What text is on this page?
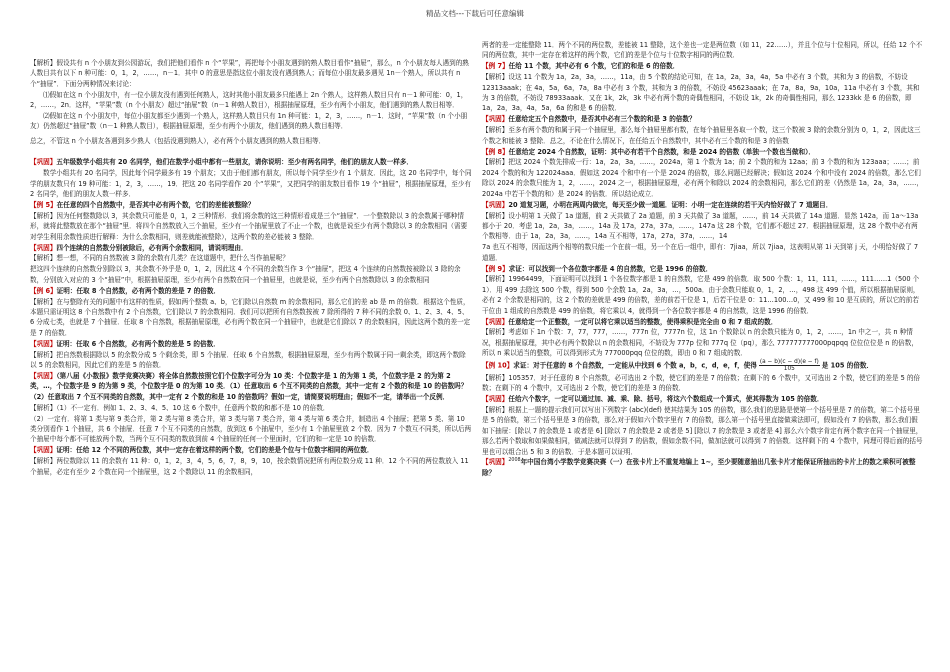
精品文档---下载后可任意编辑

【解析】假设共有 n 个小朋友到公园游玩，我们把他们看作 n 个“苹果”，再把每个小朋友遇到的熟人数目看作“抽屉”，那么，n 个小朋友每人遇到的熟人数目共有以下 n 种可能：0，1，2，……，n－1．其中 0 的意思是指这位小朋友没有遇到熟人；而每位小朋友最多遇见 1n－个熟人，所以共有 n 个“抽屉”．下面分两种情况来讨论：

⑴假如在这 n 个小朋友中，有一位小朋友没有遇到任何熟人，这时其他小朋友最多只能遇上 2n 个熟人，这样熟人数目只有 n－1 种可能：0，1，2，……，2n．这样，“苹果”数（n 个小朋友）超过“抽屉”数（n－1 种熟人数目），根据抽屉原理，至少有两个小朋友，他们遇到的熟人数目相等．

⑵假如在这 n 个小朋友中，每位小朋友都至少遇到一个熟人，这样熟人数目只有 1n 种可能：1，2，3，……，n－1．这时，“苹果”数（n 个小朋友）仍然超过“抽屉”数（n－1 种熟人数目），根据抽屉原理，至少有两个小朋友，他们遇到的熟人数目相等．

总之，不管这 n 个小朋友各遇到多少熟人（包括没遇到熟人），必有两个小朋友遇到的熟人数目相等．

【巩固】五年级数学小组共有 20 名同学，他们在数学小组中都有一些朋友，请你说明：至少有两名同学，他们的朋友人数一样多．

数学小组共有 20 名同学，因此每个同学最多有 19 个朋友；又由于他们都有朋友，所以每个同学至少有 1 个朋友．因此，这 20 名同学中，每个同学的朋友数只有 19 种可能：1，2，3，……，19．把这 20 名同学看作 20 个“苹果”，又把同学的朋友数目看作 19 个“抽屉”，根据抽屉原理，至少有 2 名同学，他们的朋友人数一样多．

【例 5】在任意的四个自然数中，是否其中必有两个数，它们的差能被整除？

【解析】因为任何整数除以 3，其余数只可能是 0，1，2 三种情形．我们将余数的这三种情形看成是三个“抽屉”．一个整数除以 3 的余数属于哪种情形，就将此整数放在那个“抽屉”里．将四个自然数放入三个抽屉，至少有一个抽屉里放了不止一个数，也就是说至少有两个数除以 3 的余数相同（需要对学生利用余数性质进行解释：为什么余数相同，则差就能被整除），这两个数的差必能被 3 整除．

【巩固】四个连续的自然数分别被除后，必有两个余数相同，请说明理由．

【解析】想一想，不同的自然数被 3 除的余数有几类？在这道题中，把什么当作抽屉呢？

把这四个连续的自然数分别除以 3，其余数不外乎是 0，1，2，因此这 4 个不同的余数当作 3 个“抽屉”，把这 4 个连续的自然数按被除以 3 除的余数，分别放入对应的 3 个“抽屉”中，根据抽屉原理，至少有两个自然数在同一个抽屉里，也就是说，至少有两个自然数除以 3 的余数相同

【例 6】证明：任取 8 个自然数，必有两个数的差是 7 的倍数．

【解析】在与整除有关的问题中有这样的性质，假如两个整数 a、b，它们除以自然数 m 的余数相同，那么它们的差 ab 是 m 的倍数．根据这个性质，本题只需证明这 8 个自然数中有 2 个自然数，它们除以 7 的余数相同．我们可以把所有自然数按被 7 除所得的 7 种不同的余数 0、1、2、3、4、5、6 分成七类，也就是 7 个抽屉．任取 8 个自然数，根据抽屉原理，必有两个数在同一个抽屉中，也就是它们除以 7 的余数相同，因此这两个数的差一定是 7 的倍数．

【巩固】证明：任取 6 个自然数，必有两个数的差是 5 的倍数．

【解析】把自然数根据除以 5 的余数分成 5 个剩余类，即 5 个抽屉．任取 6 个自然数，根据抽屉原理，至少有两个数属于同一剩余类，即这两个数除以 5 的余数相同，因此它们的差是 5 的倍数．

【巩固】（第八届《小数报》数学竞赛决赛）将全体自然数按照它们个位数字可分为 10 类：个位数字是 1 的为第 1 类，个位数字是 2 的为第 2 类，…，个位数字是 9 的为第 9 类，个位数字是 0 的为第 10 类．（1）任意取出 6 个互不同类的自然数，其中一定有 2 个数的和是 10 的倍数吗？（2）任意取出 7 个互不同类的自然数，其中一定有 2 个数的和是 10 的倍数吗？假如一定，请简要说明理由；假如不一定，请举出一个反例．

【解析】（1）不一定有．例如 1、2、3、4、5、10 这 6 个数中，任意两个数的和都不是 10 的倍数．

（2）一定有．将第 1 类与第 9 类合并，第 2 类与第 8 类合并，第 3 类与第 7 类合并，第 4 类与第 6 类合并，制造出 4 个抽屉；把第 5 类、第 10 类分别看作 1 个抽屉，共 6 个抽屉．任意 7 个互不同类的自然数，放到这 6 个抽屉中，至少有 1 个抽屉里放 2 个数．因为 7 个数互不同类，所以后两个抽屉中每个都不可能放两个数，当两个互不同类的数放到前 4 个抽屉的任何一个里面时，它们的和一定是 10 的倍数．

【巩固】证明：任给 12 个不同的两位数，其中一定存在着这样的两个数，它们的差是个位与十位数字相同的两位数．

【解析】两位数除以 11 的余数有 11 种：0，1，2，3，4，5，6，7，8，9，10，按余数情况把所有两位数分成 11 种．12 个不同的两位数放入 11 个抽屉，必定有至少 2 个数在同一个抽屉里，这 2 个数除以 11 的余数相同，

两者的差一定能整除 11．两个不同的两位数，差能被 11 整除，这个差也一定是两位数（如 11，22……），并且个位与十位相同，所以，任给 12 个不同的两位数，其中一定存在着这样的两个数，它们的差是个位与十位数字相同的两位数．

【例 7】任给 11 个数，其中必有 6 个数，它们的和是 6 的倍数．

【解析】设这 11 个数为 1a，2a，3a，……，11a，由 5 个数的结论可知，在 1a，2a，3a，4a，5a 中必有 3 个数，其和为 3 的倍数，不妨设 12313aaak；在 4a，5a，6a，7a，8a 中必有 3 个数，其和为 3 的倍数，不妨设 45623aaak；在 7a，8a，9a，10a，11a 中必有 3 个数，其和为 3 的倍数，不妨设 78933aaak．又在 1k，2k，3k 中必有两个数的奇偶性相同，不妨设 1k，2k 的奇偶性相同，那么 1233kk 是 6 的倍数，即 1a，2a，3a，4a，5a，6a 的和是 6 的倍数．

【巩固】任意给定五个自然数中，是否其中必有三个数的和是 3 的倍数？

【解析】至多有两个数的和属于同一个抽屉里，那么每个抽屉里都有数，在每个抽屉里各取一个数，这三个数被 3 除的余数分别为 0，1，2，因此这三个数之和能被 3 整除．总之，不论在什么情况下，在任给五个自然数中，其中必有三个数的和是 3 的倍数

【例 8】任意给定 2024 个自然数，证明：其中必有若干个自然数，和是 2024 的倍数（单独一个数也当做和）．

【解析】把这 2024 个数先排成一行：1a，2a，3a，……，2024a，第 1 个数为 1a；前 2 个数的和为 12aa；前 3 个数的和为 123aaa；……；前 2024 个数的和为 122024aaa．假如这 2024 个和中有一个是 2024 的倍数，那么问题已经解决；假如这 2024 个和中没有 2024 的倍数，那么它们除以 2024 的余数只能为 1，2，……，2024 之一，根据抽屉原理，必有两个和除以 2024 的余数相同，那么它们的差（仍然是 1a，2a，3a，……，2024a 中若干个数的和）是 2024 的倍数．所以结论成立．

【巩固】20 道复习题，小明在两周内做完，每天至少做一道题．证明：小明一定在连续的若干天内恰好做了 7 道题目．

【解析】设小明第 1 天做了 1a 道题，前 2 天共做了 2a 道题，前 3 天共做了 3a 道题，……，前 14 天共做了 14a 道题．显然 142a，而 1a～13a 都小于 20．考虑 1a，2a，3a，……，14a 及 17a，27a，37a，……，147a 这 28 个数，它们都不超过 27．根据抽屉原理，这 28 个数中必有两个数相等．由于 1a，2a，3a，……，14a 互不相等，17a，27a，37a，……，14

7a 也互不相等，因而这两个相等的数只能一个在前一组，另一个在后一组中，即有：7jiaa，所以 7jiaa，这表明从第 1i 天到第 j 天，小明恰好做了 7 道题．

【例 9】求证：可以找到一个各位数字都是 4 的自然数，它是 1996 的倍数．

【解析】19964499，下面证明可以找到 1 个各位数字都是 1 的自然数，它是 499 的倍数．取 500 个数：1，11，111，……，111……1（500 个 1）．用 499 去除这 500 个数，得到 500 个余数 1a，2a，3a，…，500a．由于余数只能取 0，1，2，…，498 这 499 个值，所以根据抽屉原则，必有 2 个余数是相同的，这 2 个数的差就是 499 的倍数，差的前若干位是 1，后若干位是 0：11…100…0，又 499 和 10 是互质的，所以它的前若干位由 1 组成的自然数是 499 的倍数，将它乘以 4，就得到一个各位数字都是 4 的自然数，这是 1996 的倍数．

【巩固】任意给定一个正整数，一定可以将它乘以适当的整数，使得乘积是完全由 0 和 7 组成的数．

【解析】考虑如下 1n 个数：7，77，777，……，777n 位，7777n 位，这 1n 个数除以 n 的余数只能为 0，1，2，……，1n 中之一，共 n 种情况，根据抽屉原理，其中必有两个数除以 n 的余数相同，不妨设为 777p 位和 777q 位（pq），那么 777777777000pqpqq 位位位位是 n 的倍数，所以 n 乘以适当的整数，可以得到形式为 777000pqq 位位的数，即由 0 和 7 组成的数．

【例 10】求证：对于任意的 8 个自然数，一定能从中找到 6 个数 a，b，c，d，e，f，使得 $\frac{(a - b)(c - d)(e - f)}{105}$ 是 105 的倍数．

【解析】105357．对于任意的 8 个自然数，必可选出 2 个数，使它们的差是 7 的倍数；在剩下的 6 个数中，又可选出 2 个数，使它们的差是 5 的倍数；在剩下的 4 个数中，又可选出 2 个数，使它们的差是 3 的倍数．

【巩固】任给六个数字，一定可以通过加、减、乘、除、括号，将这六个数组成一个算式，使其得数为 105 的倍数．

【解析】根据上一题的提示我们可以写出下列数字 (abc)(def) 使其结果为 105 的倍数，那么我们的思路是使第一个括号里是 7 的倍数，第二个括号里是 5 的倍数，第三个括号里是 3 的倍数，那么对于假如六个数字里有 7 的倍数，那么第一个括号里直接做乘法即可，假如没有 7 的倍数，那么我们假如下抽屉：[除以 7 的余数是 1 或者是 6] [除以 7 的余数是 2 或者是 5] [除以 7 的余数是 3 或者是 4] 那么六个数字肯定有两个数字在同一个抽屉里，那么若两个数取和如果做相同，做减法就可以得到 7 的倍数，假如余数不同，做加法就可以得到 7 的倍数．这样剩下的 4 个数中，同理可得后面的括号里也可以组合出 5 和 3 的倍数．于是本题可以证明．

【巩固】$^{2008}$年中国台湾小学数学竞赛决赛（一）在张卡片上不重复地编上 1~，至少要随意抽出几张卡片才能保证所抽出的卡片上的数之乘积可被整除？
